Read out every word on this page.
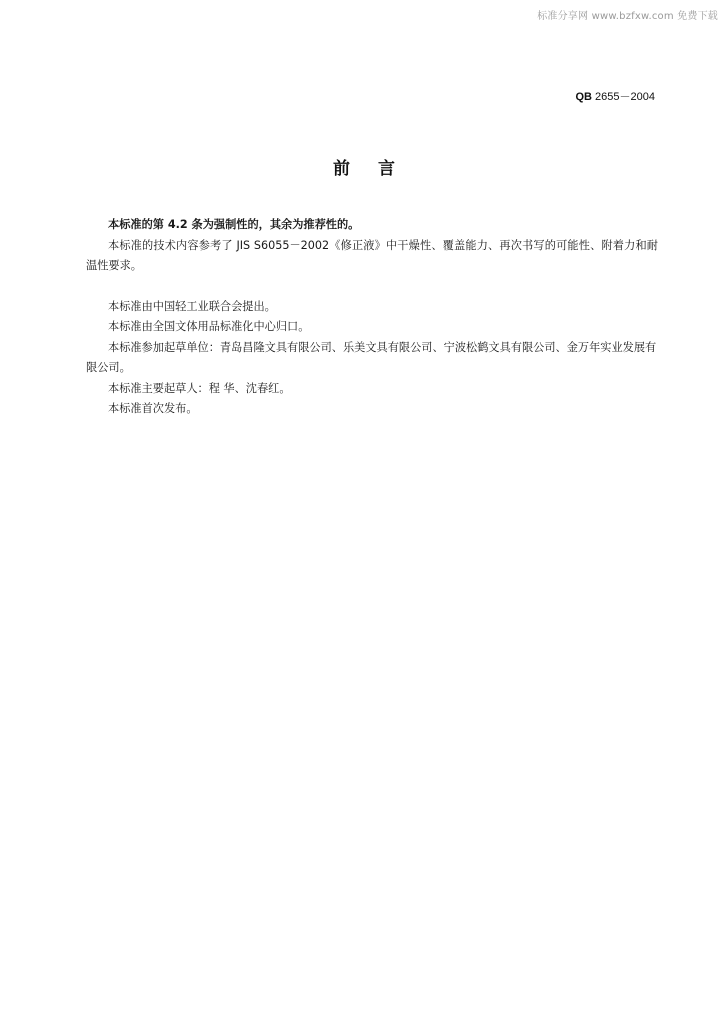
标准分享网 www.bzfxw.com 免费下载
QB 2655－2004
前言

本标准的第 4.2 条为强制性的，其余为推荐性的。

本标准的技术内容参考了 JIS S6055－2002《修正液》中干燥性、覆盖能力、再次书写的可能性、附着力和耐温性要求。

本标准由中国轻工业联合会提出。

本标准由全国文体用品标准化中心归口。

本标准参加起草单位：青岛昌隆文具有限公司、乐美文具有限公司、宁波松鹤文具有限公司、金万年实业发展有限公司。

本标准主要起草人：程 华、沈春红。

本标准首次发布。
